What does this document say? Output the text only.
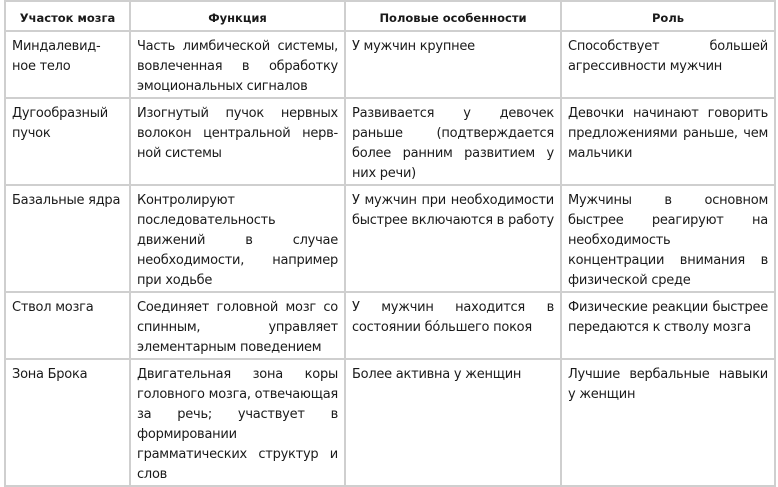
Участок мозга	Функция	Половые особенности	Роль
Миндалевид-ное тело	Часть лимбической системы, вовлеченная в обработку эмоциональных сигналов	У мужчин крупнее	Способствует большей агрессивности мужчин
Дугообразный пучок	Изогнутый пучок нервных волокон центральной нерв-ной системы	Развивается у девочек раньше (подтверждается более ранним развитием у них речи)	Девочки начинают говорить предложениями раньше, чем мальчики
Базальные ядра	Контролируют последовательность движений в случае необходимости, например при ходьбе	У мужчин при необходимости быстрее включаются в работу	Мужчины в основном быстрее реагируют на необходимость концентрации внимания в физической среде
Ствол мозга	Соединяет головной мозг со спинным, управляет элементарным поведением	У мужчин находится в состоянии бóльшего покоя	Физические реакции быстрее передаются к стволу мозга
Зона Брока	Двигательная зона коры головного мозга, отвечающая за речь; участвует в формировании грамматических структур и слов	Более активна у женщин	Лучшие вербальные навыки у женщин
